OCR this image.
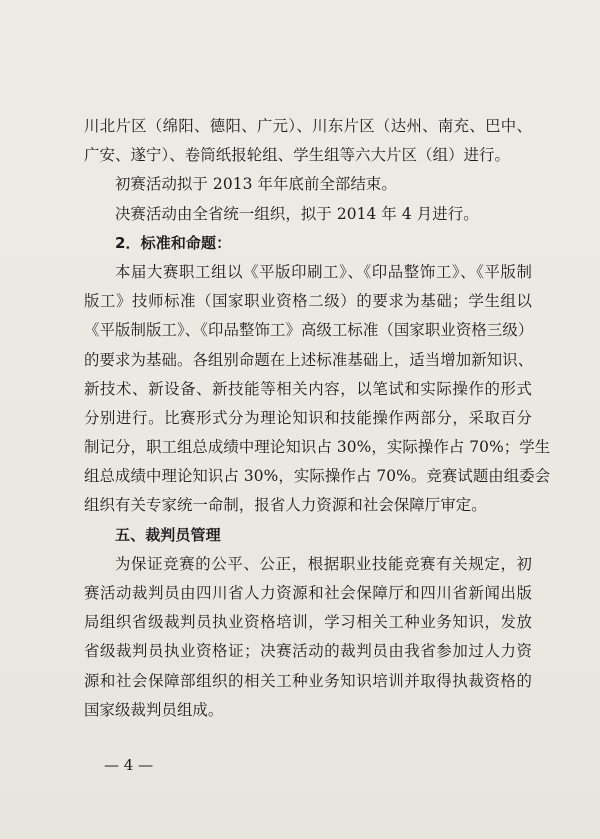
川北片区（绵阳、德阳、广元）、川东片区（达州、南充、巴中、
广安、遂宁）、卷筒纸报轮组、学生组等六大片区（组）进行。
初赛活动拟于 2013 年年底前全部结束。
决赛活动由全省统一组织，拟于 2014 年 4 月进行。
2．标准和命题：
本届大赛职工组以《平版印刷工》、《印品整饰工》、《平版制
版工》技师标准（国家职业资格二级）的要求为基础；学生组以
《平版制版工》、《印品整饰工》高级工标准（国家职业资格三级）
的要求为基础。各组别命题在上述标准基础上，适当增加新知识、
新技术、新设备、新技能等相关内容，以笔试和实际操作的形式
分别进行。比赛形式分为理论知识和技能操作两部分，采取百分
制记分，职工组总成绩中理论知识占 30%，实际操作占 70%；学生
组总成绩中理论知识占 30%，实际操作占 70%。竞赛试题由组委会
组织有关专家统一命制，报省人力资源和社会保障厅审定。
五、裁判员管理
为保证竞赛的公平、公正，根据职业技能竞赛有关规定，初
赛活动裁判员由四川省人力资源和社会保障厅和四川省新闻出版
局组织省级裁判员执业资格培训，学习相关工种业务知识，发放
省级裁判员执业资格证；决赛活动的裁判员由我省参加过人力资
源和社会保障部组织的相关工种业务知识培训并取得执裁资格的
国家级裁判员组成。
— 4 —
